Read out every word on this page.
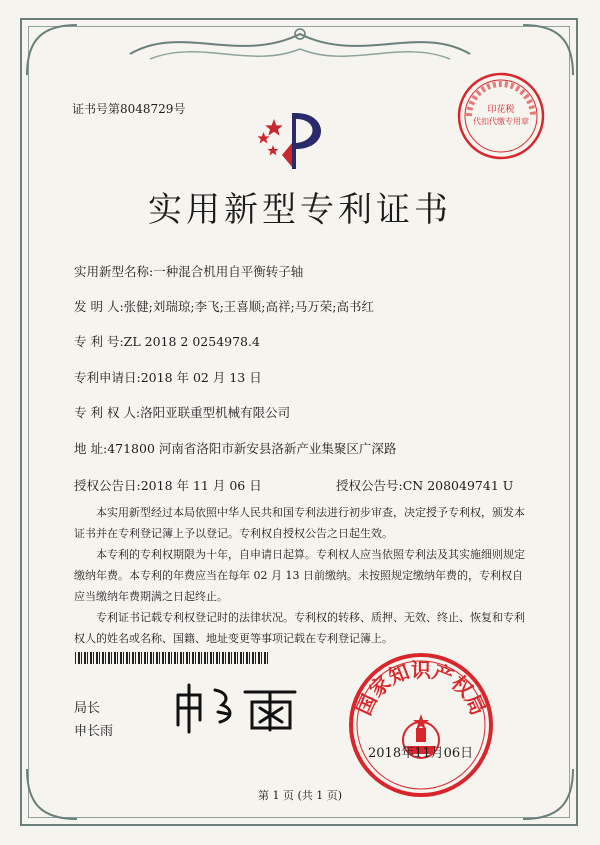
证书号第8048729号
实用新型专利证书
实用新型名称:一种混合机用自平衡转子轴
发 明 人:张健;刘瑞琼;李飞;王喜顺;高祥;马万荣;高书红
专 利 号:ZL 2018 2 0254978.4
专利申请日:2018 年 02 月 13 日
专 利 权 人:洛阳亚联重型机械有限公司
地 址:471800 河南省洛阳市新安县洛新产业集聚区广深路
授权公告日:2018 年 11 月 06 日	授权公告号:CN 208049741 U

本实用新型经过本局依照中华人民共和国专利法进行初步审查，决定授予专利权，颁发本证书并在专利登记簿上予以登记。专利权自授权公告之日起生效。

本专利的专利权期限为十年，自申请日起算。专利权人应当依照专利法及其实施细则规定缴纳年费。本专利的年费应当在每年 02 月 13 日前缴纳。未按照规定缴纳年费的，专利权自应当缴纳年费期满之日起终止。

专利证书记载专利权登记时的法律状况。专利权的转移、质押、无效、终止、恢复和专利权人的姓名或名称、国籍、地址变更等事项记载在专利登记簿上。

局长
申长雨
印花税
代扣代缴专用章
国家知识产权局
2018年11月06日
第 1 页 (共 1 页)
